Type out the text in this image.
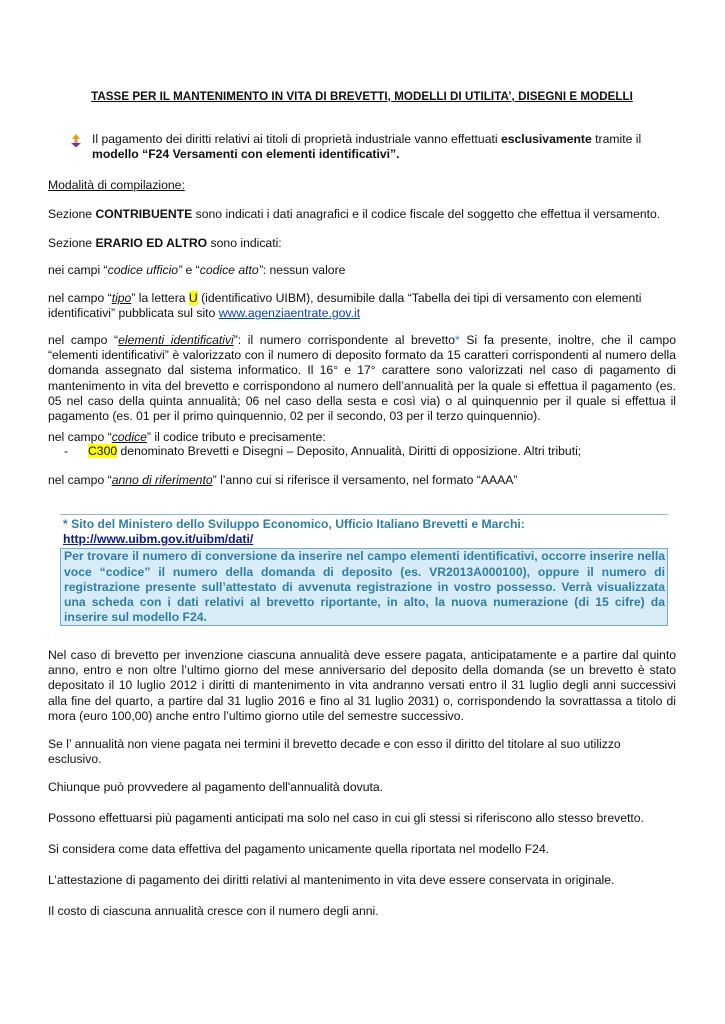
TASSE PER IL MANTENIMENTO IN VITA DI BREVETTI, MODELLI DI UTILITA’, DISEGNI E MODELLI
Il pagamento dei diritti relativi ai titoli di proprietà industriale vanno effettuati esclusivamente tramite il modello “F24 Versamenti con elementi identificativi”.
Modalità di compilazione:
Sezione CONTRIBUENTE sono indicati i dati anagrafici e il codice fiscale del soggetto che effettua il versamento.
Sezione ERARIO ED ALTRO sono indicati:
nei campi “codice ufficio” e “codice atto”: nessun valore
nel campo “tipo” la lettera U (identificativo UIBM), desumibile dalla “Tabella dei tipi di versamento con elementi identificativi” pubblicata sul sito www.agenziaentrate.gov.it
nel campo “elementi identificativi”: il numero corrispondente al brevetto* Si fa presente, inoltre, che il campo “elementi identificativi” è valorizzato con il numero di deposito formato da 15 caratteri corrispondenti al numero della domanda assegnato dal sistema informatico. Il 16° e 17° carattere sono valorizzati nel caso di pagamento di mantenimento in vita del brevetto e corrispondono al numero dell’annualità per la quale si effettua il pagamento (es. 05 nel caso della quinta annualità; 06 nel caso della sesta e così via) o al quinquennio per il quale si effettua il pagamento (es. 01 per il primo quinquennio, 02 per il secondo, 03 per il terzo quinquennio).
nel campo “codice” il codice tributo e precisamente:
- C300 denominato Brevetti e Disegni – Deposito, Annualità, Diritti di opposizione. Altri tributi;
nel campo “anno di riferimento” l’anno cui si riferisce il versamento, nel formato “AAAA”
* Sito del Ministero dello Sviluppo Economico, Ufficio Italiano Brevetti e Marchi:
http://www.uibm.gov.it/uibm/dati/
Per trovare il numero di conversione da inserire nel campo elementi identificativi, occorre inserire nella voce “codice” il numero della domanda di deposito (es. VR2013A000100), oppure il numero di registrazione presente sull’attestato di avvenuta registrazione in vostro possesso. Verrà visualizzata una scheda con i dati relativi al brevetto riportante, in alto, la nuova numerazione (di 15 cifre) da inserire sul modello F24.
Nel caso di brevetto per invenzione ciascuna annualità deve essere pagata, anticipatamente e a partire dal quinto anno, entro e non oltre l’ultimo giorno del mese anniversario del deposito della domanda (se un brevetto è stato depositato il 10 luglio 2012 i diritti di mantenimento in vita andranno versati entro il 31 luglio degli anni successivi alla fine del quarto, a partire dal 31 luglio 2016 e fino al 31 luglio 2031) o, corrispondendo la sovrattassa a titolo di mora (euro 100,00) anche entro l’ultimo giorno utile del semestre successivo.
Se l’ annualità non viene pagata nei termini il brevetto decade e con esso il diritto del titolare al suo utilizzo esclusivo.
Chiunque può provvedere al pagamento dell'annualità dovuta.
Possono effettuarsi più pagamenti anticipati ma solo nel caso in cui gli stessi si riferiscono allo stesso brevetto.
Si considera come data effettiva del pagamento unicamente quella riportata nel modello F24.
L’attestazione di pagamento dei diritti relativi al mantenimento in vita deve essere conservata in originale.
Il costo di ciascuna annualità cresce con il numero degli anni.
